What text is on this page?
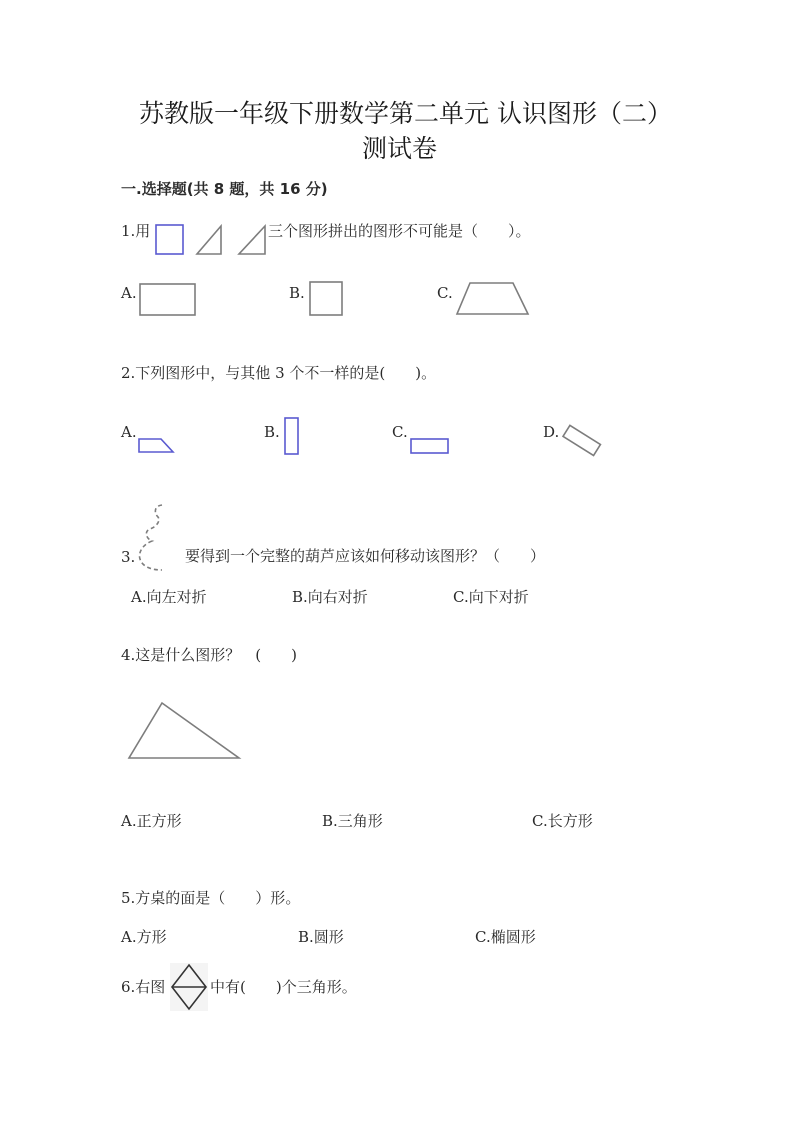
苏教版一年级下册数学第二单元 认识图形（二）
测试卷
一.选择题(共 8 题，共 16 分)
1.用	三个图形拼出的图形不可能是（　　）。
A.	B.	C.
2.下列图形中，与其他 3 个不一样的是(　　)。
A.	B.	C.	D.
3.	要得到一个完整的葫芦应该如何移动该图形？（　　）
A.向左对折	B.向右对折	C.向下对折
4.这是什么图形？　(　　)
A.正方形	B.三角形	C.长方形
5.方桌的面是（　　）形。
A.方形	B.圆形	C.椭圆形
6.右图	中有(　　)个三角形。
